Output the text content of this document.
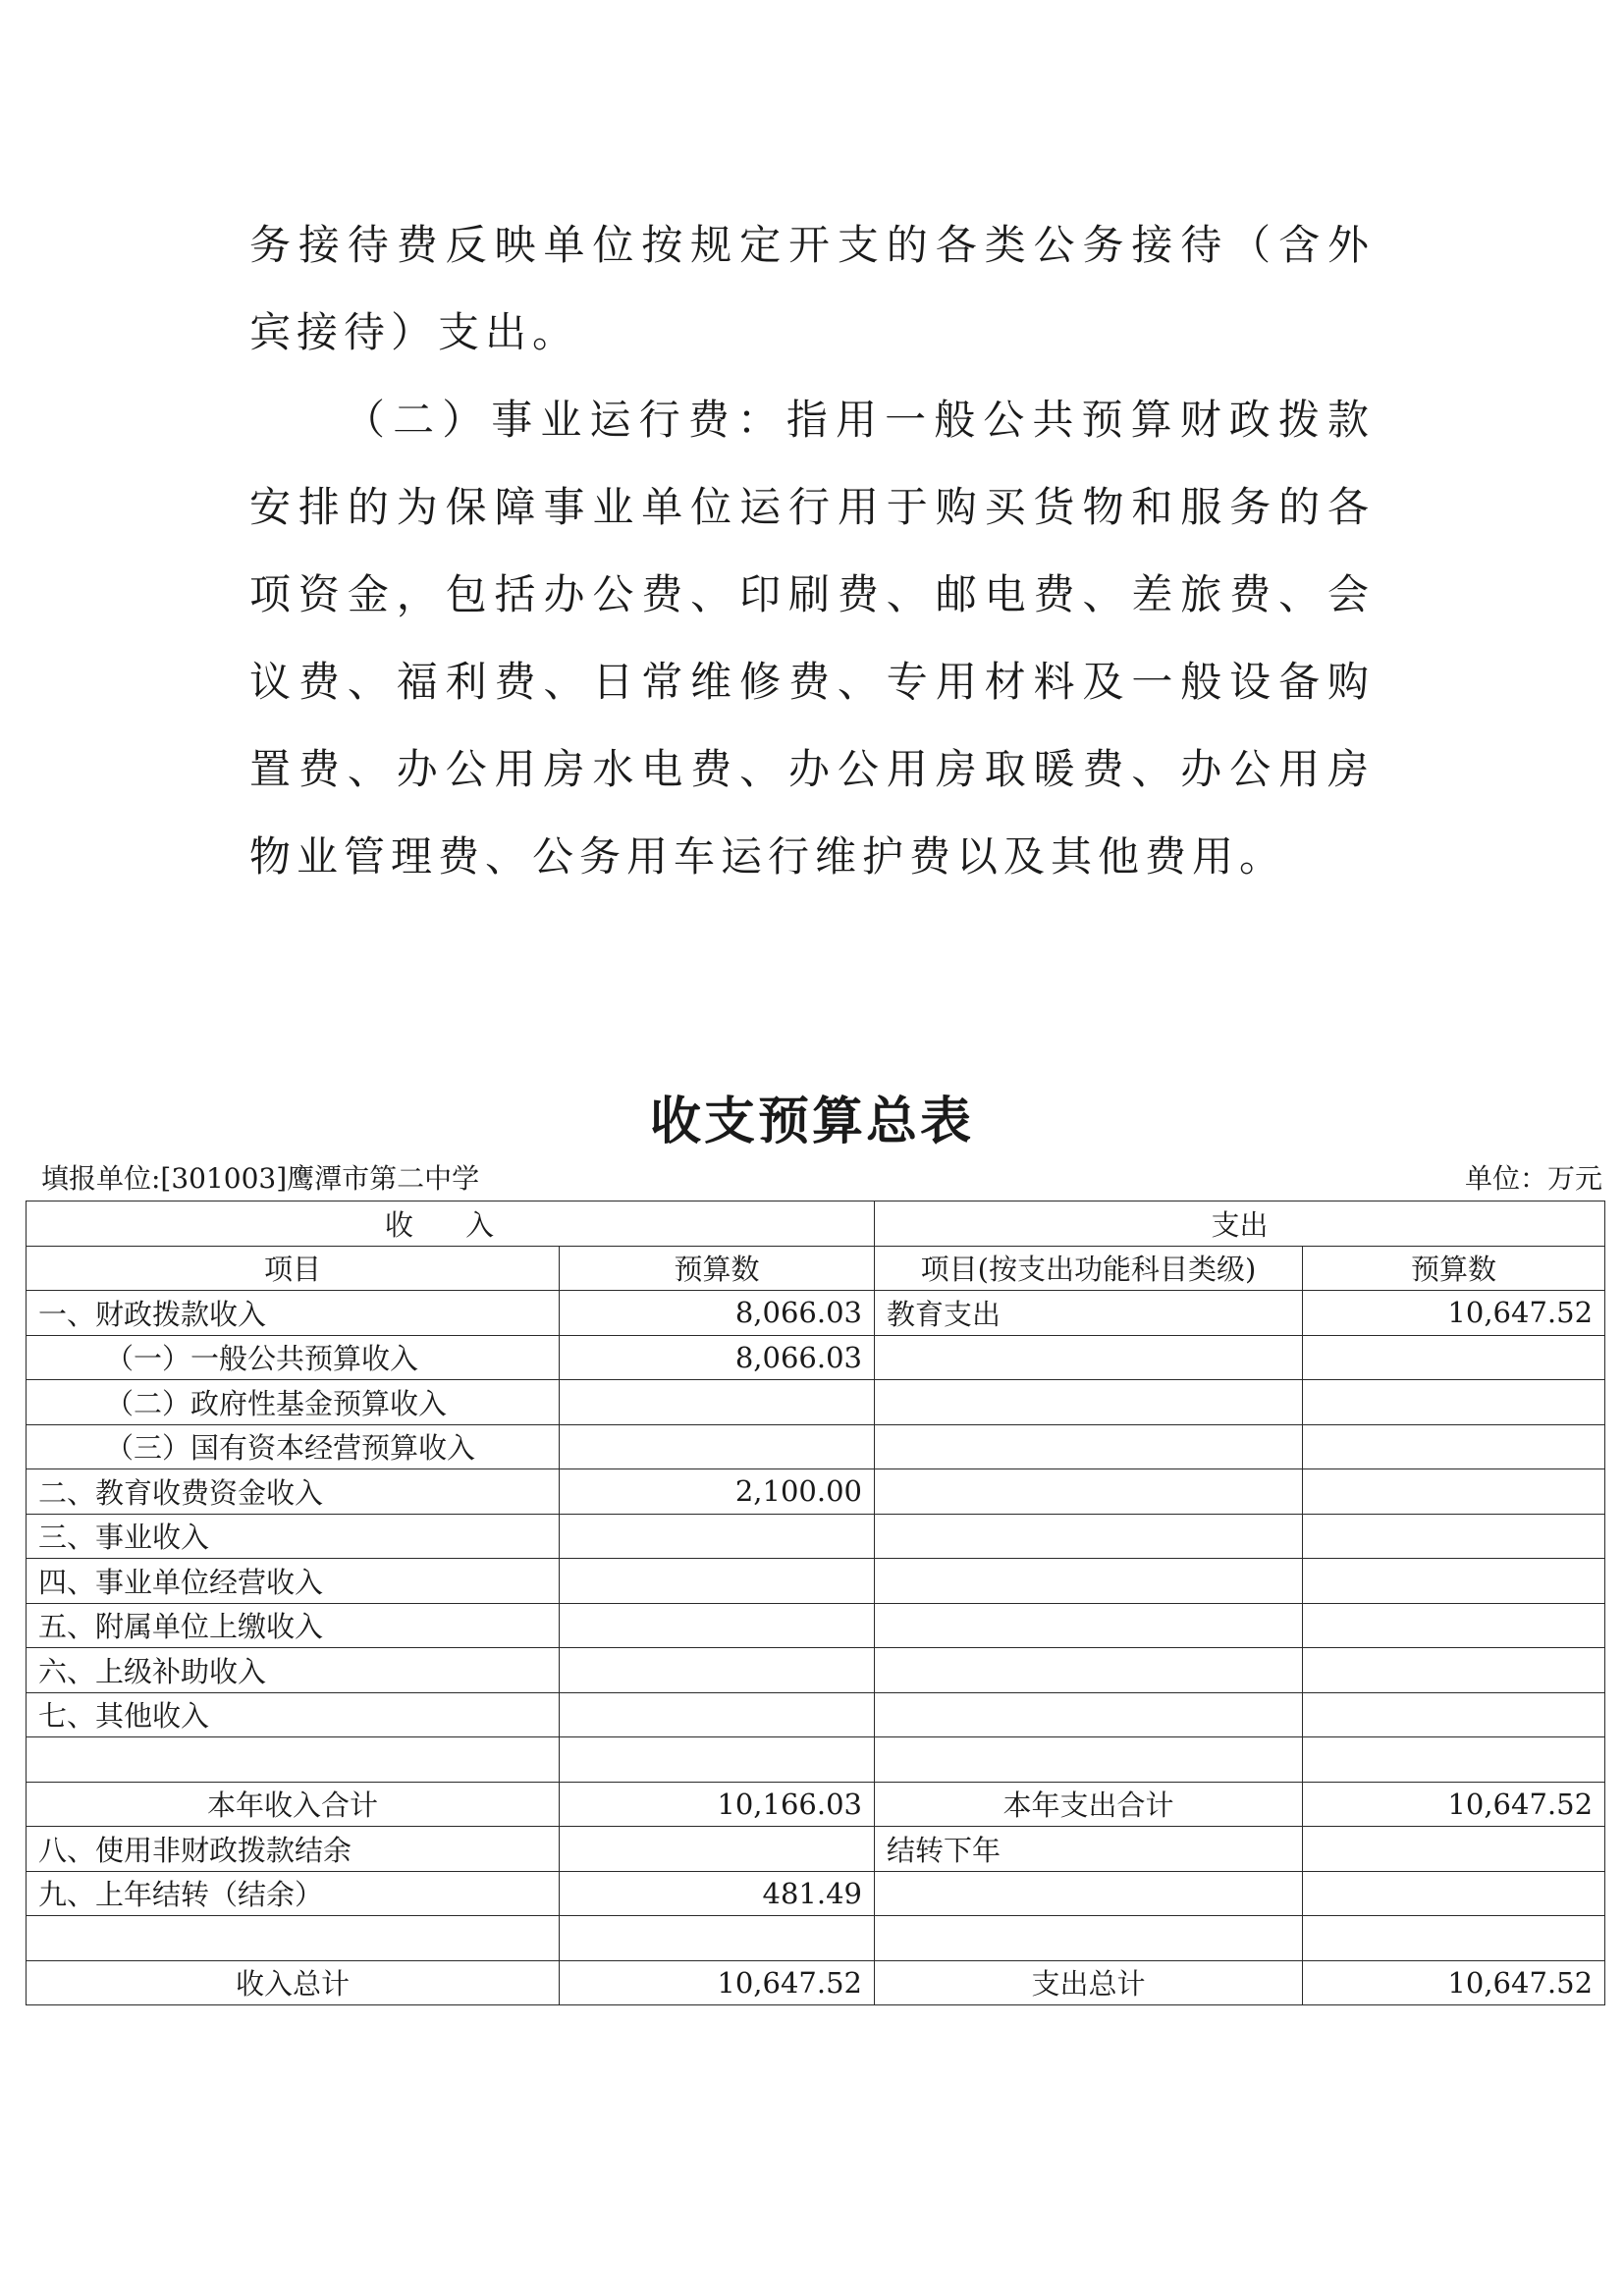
务接待费反映单位按规定开支的各类公务接待（含外宾接待）支出。

（二）事业运行费：指用一般公共预算财政拨款安排的为保障事业单位运行用于购买货物和服务的各项资金，包括办公费、印刷费、邮电费、差旅费、会议费、福利费、日常维修费、专用材料及一般设备购置费、办公用房水电费、办公用房取暖费、办公用房物业管理费、公务用车运行维护费以及其他费用。

收支预算总表
填报单位:[301003]鹰潭市第二中学	单位：万元
收 入		支出	
项目	预算数	项目(按支出功能科目类级)	预算数
一、财政拨款收入	8,066.03	教育支出	10,647.52
（一）一般公共预算收入	8,066.03		
（二）政府性基金预算收入			
（三）国有资本经营预算收入			
二、教育收费资金收入	2,100.00		
三、事业收入			
四、事业单位经营收入			
五、附属单位上缴收入			
六、上级补助收入			
七、其他收入			

本年收入合计	10,166.03	本年支出合计	10,647.52
八、使用非财政拨款结余		结转下年	
九、上年结转（结余）	481.49		

收入总计	10,647.52	支出总计	10,647.52
